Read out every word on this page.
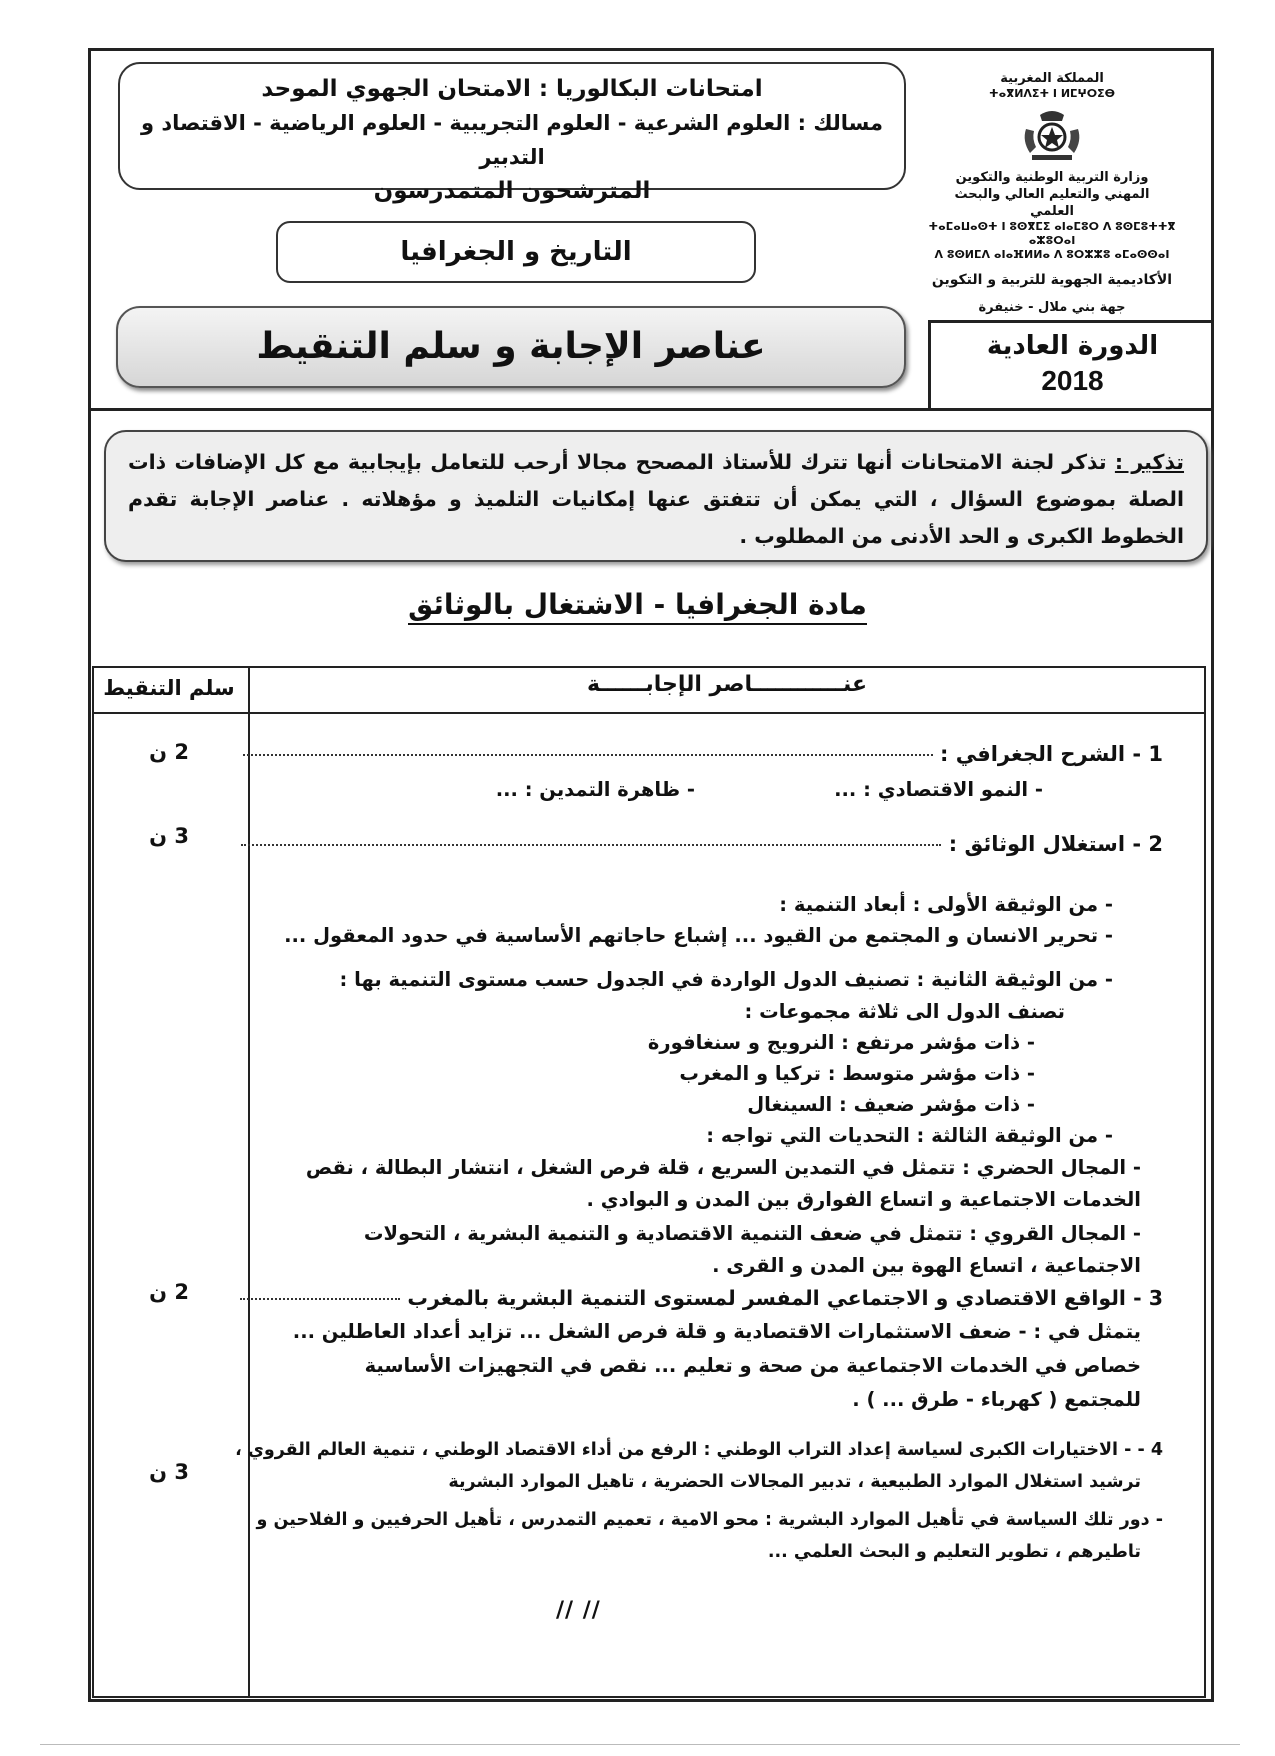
المملكة المغربية
ⵜⴰⴳⵍⴷⵉⵜ ⵏ ⵍⵎⵖⵔⵉⴱ
وزارة التربية الوطنية والتكوين المهني والتعليم العالي والبحث العلمي
ⵜⴰⵎⴰⵡⴰⵙⵜ ⵏ ⵓⵙⴳⵎⵉ ⴰⵏⴰⵎⵓⵔ ⴷ ⵓⵙⵎⵓⵜⵜⴳ ⴰⵣⵓⵔⴰⵏ
ⴷ ⵓⵙⵍⵎⴷ ⴰⵏⴰⴼⵍⵍⴰ ⴷ ⵓⵔⵣⵣⵓ ⴰⵎⴰⵙⵙⴰⵏ
الأكاديمية الجهوية للتربية و التكوين
جهة بني ملال - خنيفرة
الدورة العادية
2018
امتحانات البكالوريا : الامتحان الجهوي الموحد
مسالك : العلوم الشرعية - العلوم التجريبية - العلوم الرياضية - الاقتصاد و التدبير
المترشحون المتمدرسون
التاريخ و الجغرافيا
عناصر الإجابة و سلم التنقيط
تذكير : تذكر لجنة الامتحانات أنها تترك للأستاذ المصحح مجالا أرحب للتعامل بإيجابية مع كل الإضافات ذات الصلة بموضوع السؤال ، التي يمكن أن تتفتق عنها إمكانيات التلميذ و مؤهلاته . عناصر الإجابة تقدم الخطوط الكبرى و الحد الأدنى من المطلوب .
مادة الجغرافيا - الاشتغال بالوثائق
سلم التنقيط	عنــــــــــــاصر الإجابــــــة
2 ن
3 ن
2 ن
3 ن
1 - الشرح الجغرافي :
- النمو الاقتصادي : ...
- ظاهرة التمدين : ...
2 - استغلال الوثائق :
- من الوثيقة الأولى : أبعاد التنمية :
- تحرير الانسان و المجتمع من القيود ... إشباع حاجاتهم الأساسية في حدود المعقول ...
- من الوثيقة الثانية : تصنيف الدول الواردة في الجدول حسب مستوى التنمية بها :
تصنف الدول الى ثلاثة مجموعات :
- ذات مؤشر مرتفع : النرويج و سنغافورة
- ذات مؤشر متوسط : تركيا و المغرب
- ذات مؤشر ضعيف : السينغال
- من الوثيقة الثالثة : التحديات التي تواجه :
- المجال الحضري : تتمثل في التمدين السريع ، قلة فرص الشغل ، انتشار البطالة ، نقص
الخدمات الاجتماعية و اتساع الفوارق بين المدن و البوادي .
- المجال القروي : تتمثل في ضعف التنمية الاقتصادية و التنمية البشرية ، التحولات
الاجتماعية ، اتساع الهوة بين المدن و القرى .
3 - الواقع الاقتصادي و الاجتماعي المفسر لمستوى التنمية البشرية بالمغرب
يتمثل في : - ضعف الاستثمارات الاقتصادية و قلة فرص الشغل ... تزايد أعداد العاطلين ...
خصاص في الخدمات الاجتماعية من صحة و تعليم ... نقص في التجهيزات الأساسية
للمجتمع ( كهرباء - طرق ... ) .
4 - - الاختيارات الكبرى لسياسة إعداد التراب الوطني : الرفع من أداء الاقتصاد الوطني ، تنمية العالم القروي ،
ترشيد استغلال الموارد الطبيعية ، تدبير المجالات الحضرية ، تاهيل الموارد البشرية
- دور تلك السياسة في تأهيل الموارد البشرية : محو الامية ، تعميم التمدرس ، تأهيل الحرفيين و الفلاحين و
تاطيرهم ، تطوير التعليم و البحث العلمي ...
// //
